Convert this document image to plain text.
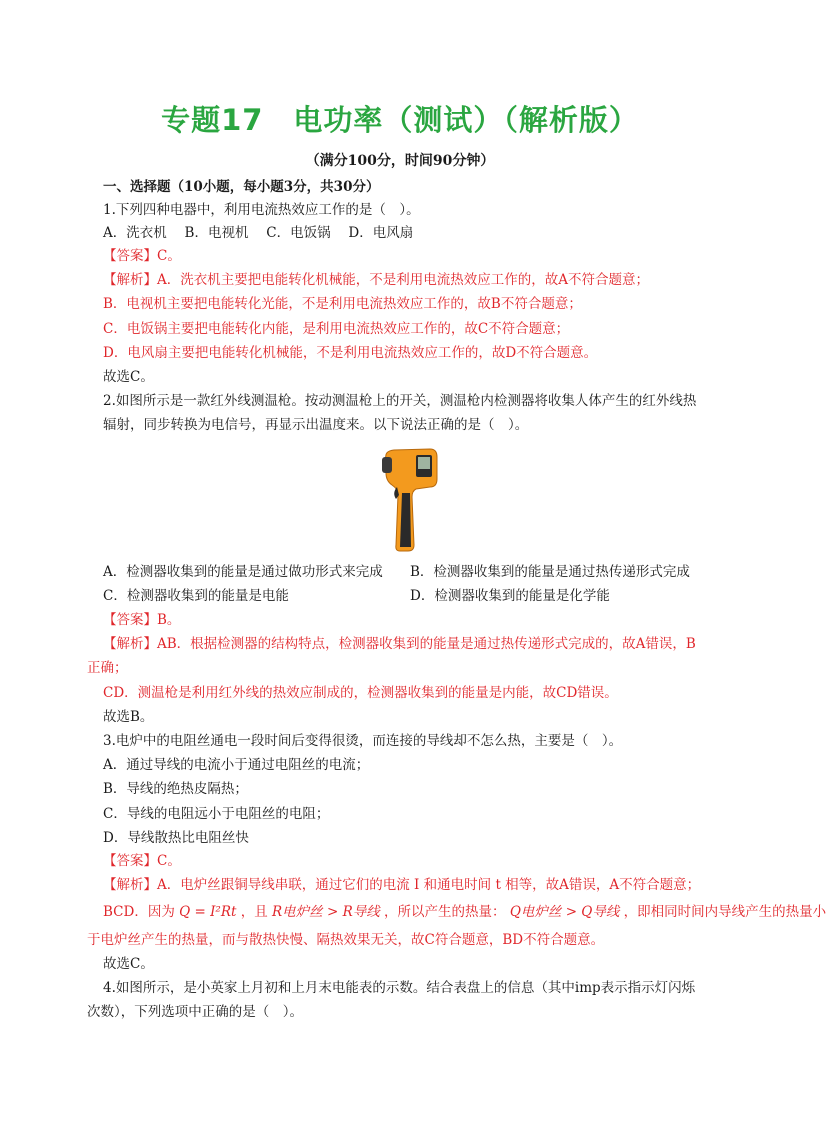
专题17　电功率（测试）（解析版）
（满分100分，时间90分钟）
一、选择题（10小题，每小题3分，共30分）
1.下列四种电器中，利用电流热效应工作的是（　）。
A．洗衣机　 B．电视机　 C．电饭锅　 D．电风扇
【答案】C。
【解析】A．洗衣机主要把电能转化机械能，不是利用电流热效应工作的，故A不符合题意；
B．电视机主要把电能转化光能，不是利用电流热效应工作的，故B不符合题意；
C．电饭锅主要把电能转化内能，是利用电流热效应工作的，故C不符合题意；
D．电风扇主要把电能转化机械能，不是利用电流热效应工作的，故D不符合题意。
故选C。
2.如图所示是一款红外线测温枪。按动测温枪上的开关，测温枪内检测器将收集人体产生的红外线热
辐射，同步转换为电信号，再显示出温度来。以下说法正确的是（　）。
A．检测器收集到的能量是通过做功形式来完成 B．检测器收集到的能量是通过热传递形式完成
C．检测器收集到的能量是电能	D．检测器收集到的能量是化学能
【答案】B。
【解析】AB．根据检测器的结构特点，检测器收集到的能量是通过热传递形式完成的，故A错误，B
正确；
CD．测温枪是利用红外线的热效应制成的，检测器收集到的能量是内能，故CD错误。
故选B。
3.电炉中的电阻丝通电一段时间后变得很烫，而连接的导线却不怎么热，主要是（　）。
A．通过导线的电流小于通过电阻丝的电流；
B．导线的绝热皮隔热；
C．导线的电阻远小于电阻丝的电阻；
D．导线散热比电阻丝快
【答案】C。
【解析】A．电炉丝跟铜导线串联，通过它们的电流 I 和通电时间 t 相等，故A错误，A不符合题意；
BCD．因为 Q = I²Rt ，且 R电炉丝 > R导线 ，所以产生的热量： Q电炉丝 > Q导线 ，即相同时间内导线产生的热量小
于电炉丝产生的热量，而与散热快慢、隔热效果无关，故C符合题意，BD不符合题意。
故选C。
4.如图所示，是小英家上月初和上月末电能表的示数。结合表盘上的信息（其中imp表示指示灯闪烁
次数），下列选项中正确的是（　）。
